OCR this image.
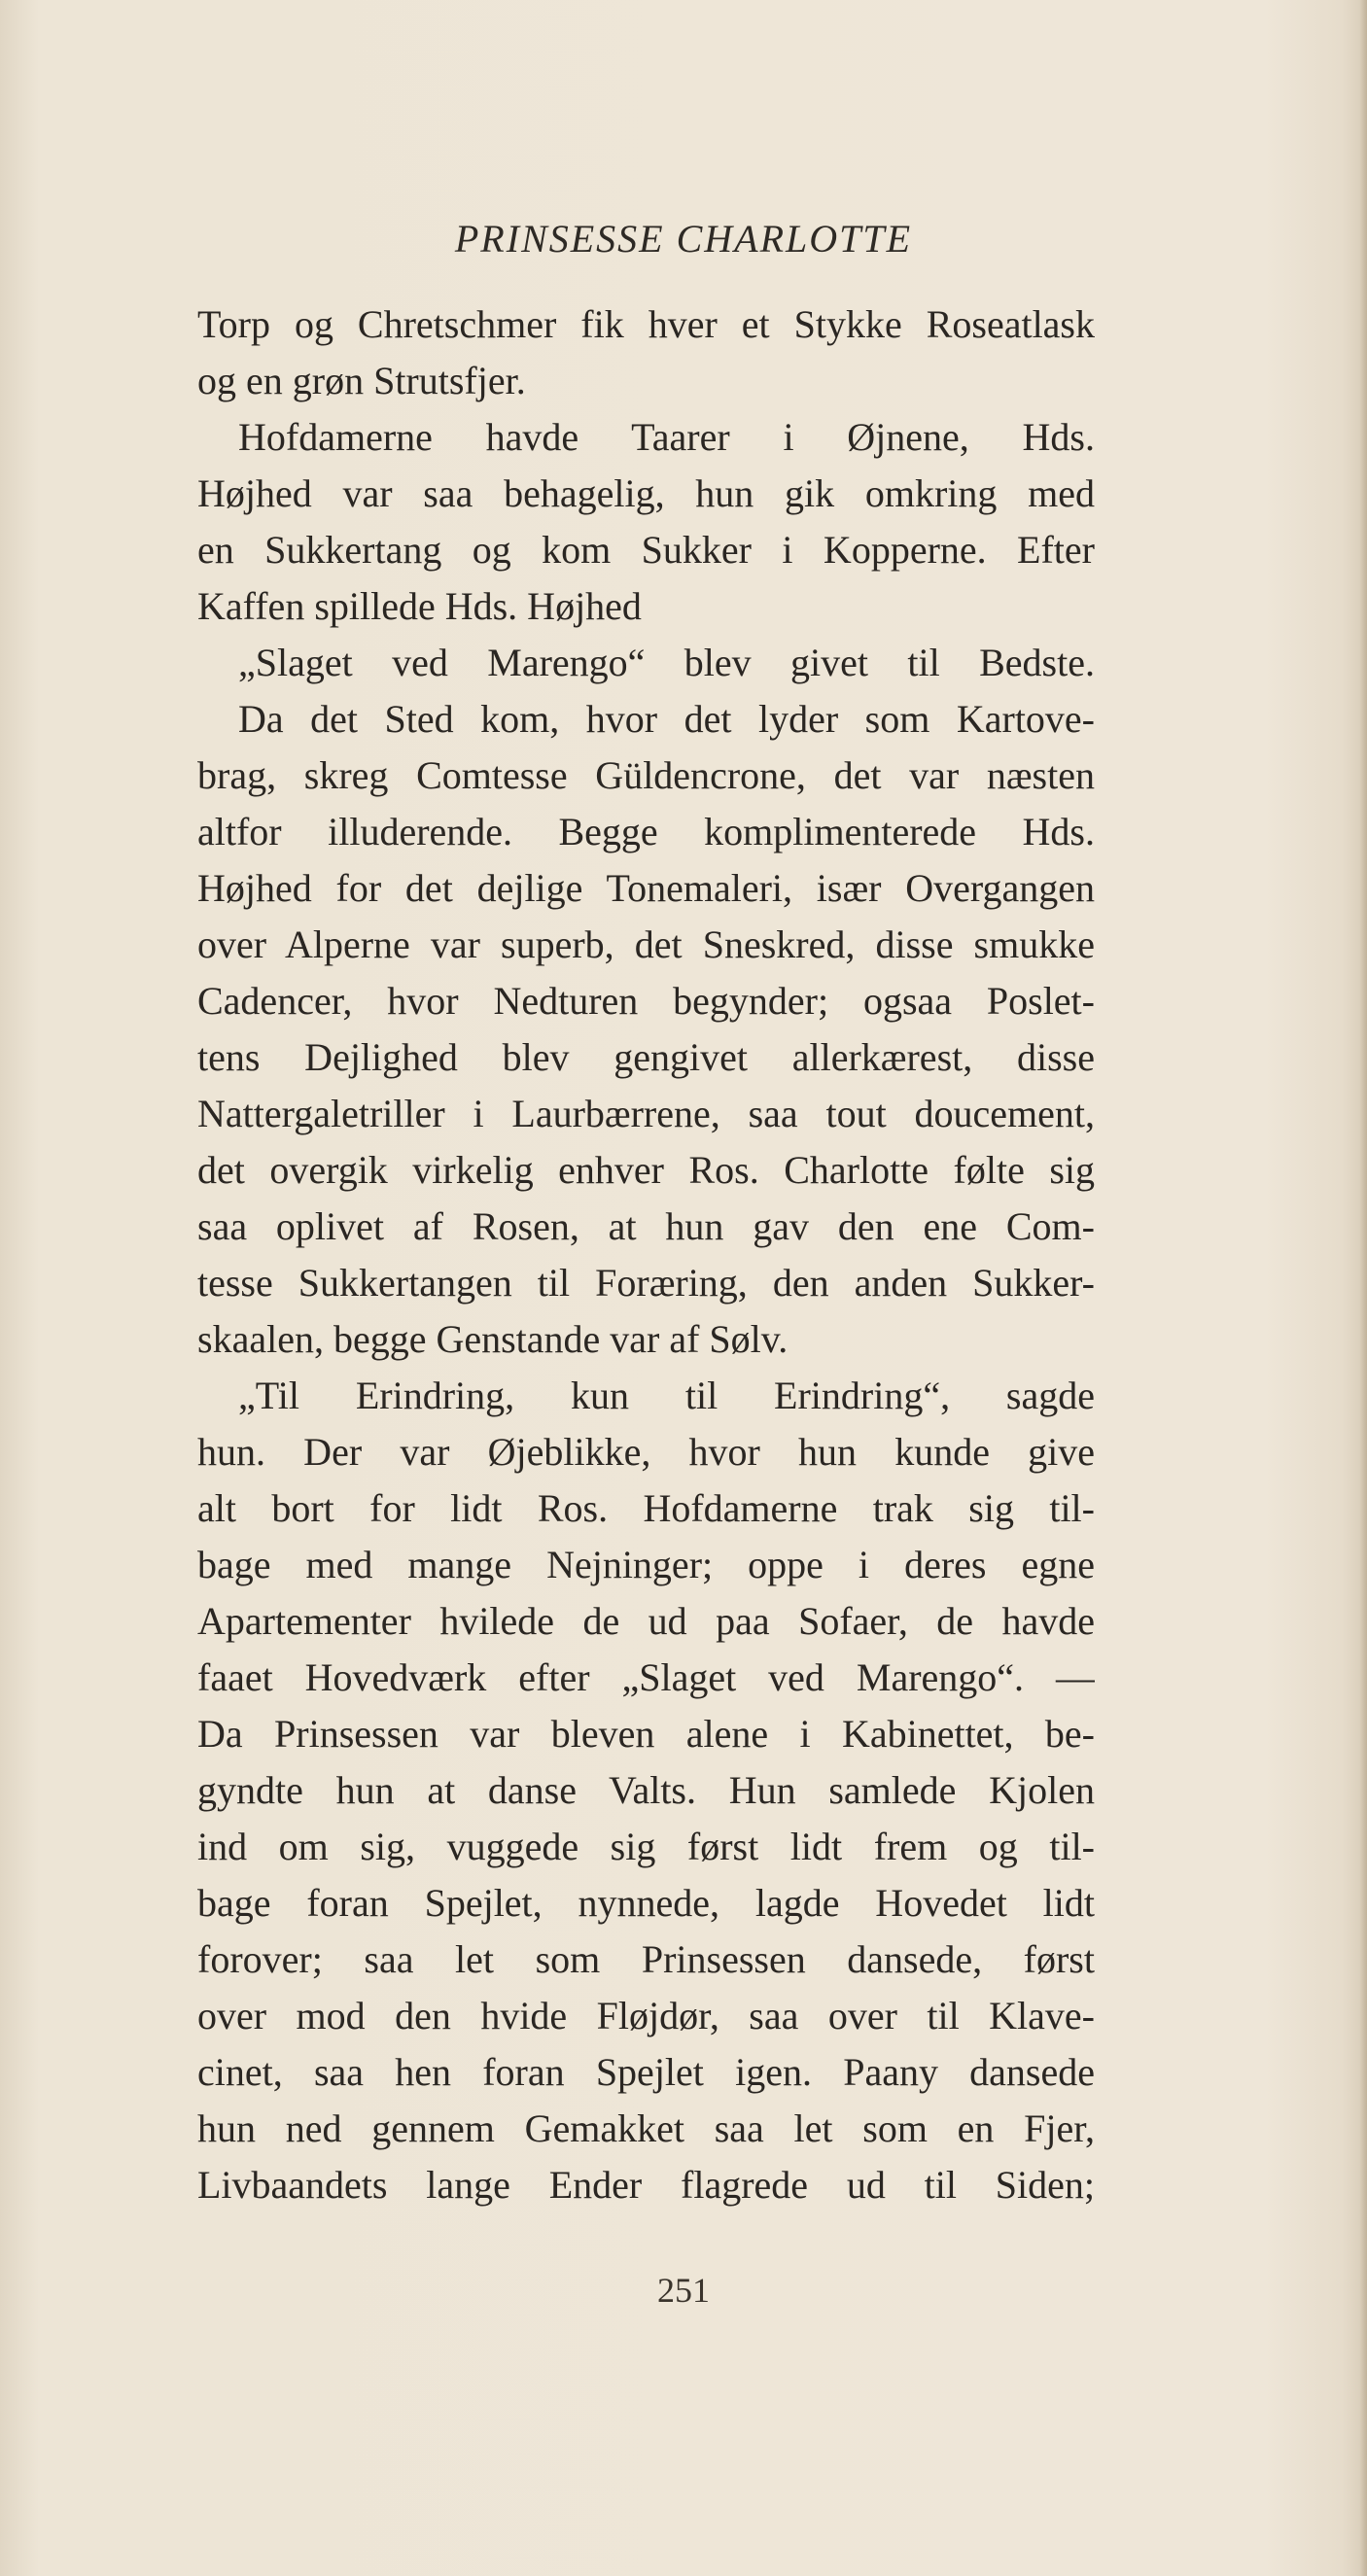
PRINSESSE CHARLOTTE
Torp og Chretschmer fik hver et Stykke Roseatlask
og en grøn Strutsfjer.
Hofdamerne havde Taarer i Øjnene, Hds.
Højhed var saa behagelig, hun gik omkring med
en Sukkertang og kom Sukker i Kopperne. Efter
Kaffen spillede Hds. Højhed
„Slaget ved Marengo“ blev givet til Bedste.
Da det Sted kom, hvor det lyder som Kartove-
brag, skreg Comtesse Güldencrone, det var næsten
altfor illuderende. Begge komplimenterede Hds.
Højhed for det dejlige Tonemaleri, især Overgangen
over Alperne var superb, det Sneskred, disse smukke
Cadencer, hvor Nedturen begynder; ogsaa Poslet-
tens Dejlighed blev gengivet allerkærest, disse
Nattergaletriller i Laurbærrene, saa tout doucement,
det overgik virkelig enhver Ros. Charlotte følte sig
saa oplivet af Rosen, at hun gav den ene Com-
tesse Sukkertangen til Foræring, den anden Sukker-
skaalen, begge Genstande var af Sølv.
„Til Erindring, kun til Erindring“, sagde
hun. Der var Øjeblikke, hvor hun kunde give
alt bort for lidt Ros. Hofdamerne trak sig til-
bage med mange Nejninger; oppe i deres egne
Apartementer hvilede de ud paa Sofaer, de havde
faaet Hovedværk efter „Slaget ved Marengo“. —
Da Prinsessen var bleven alene i Kabinettet, be-
gyndte hun at danse Valts. Hun samlede Kjolen
ind om sig, vuggede sig først lidt frem og til-
bage foran Spejlet, nynnede, lagde Hovedet lidt
forover; saa let som Prinsessen dansede, først
over mod den hvide Fløjdør, saa over til Klave-
cinet, saa hen foran Spejlet igen. Paany dansede
hun ned gennem Gemakket saa let som en Fjer,
Livbaandets lange Ender flagrede ud til Siden;
251
